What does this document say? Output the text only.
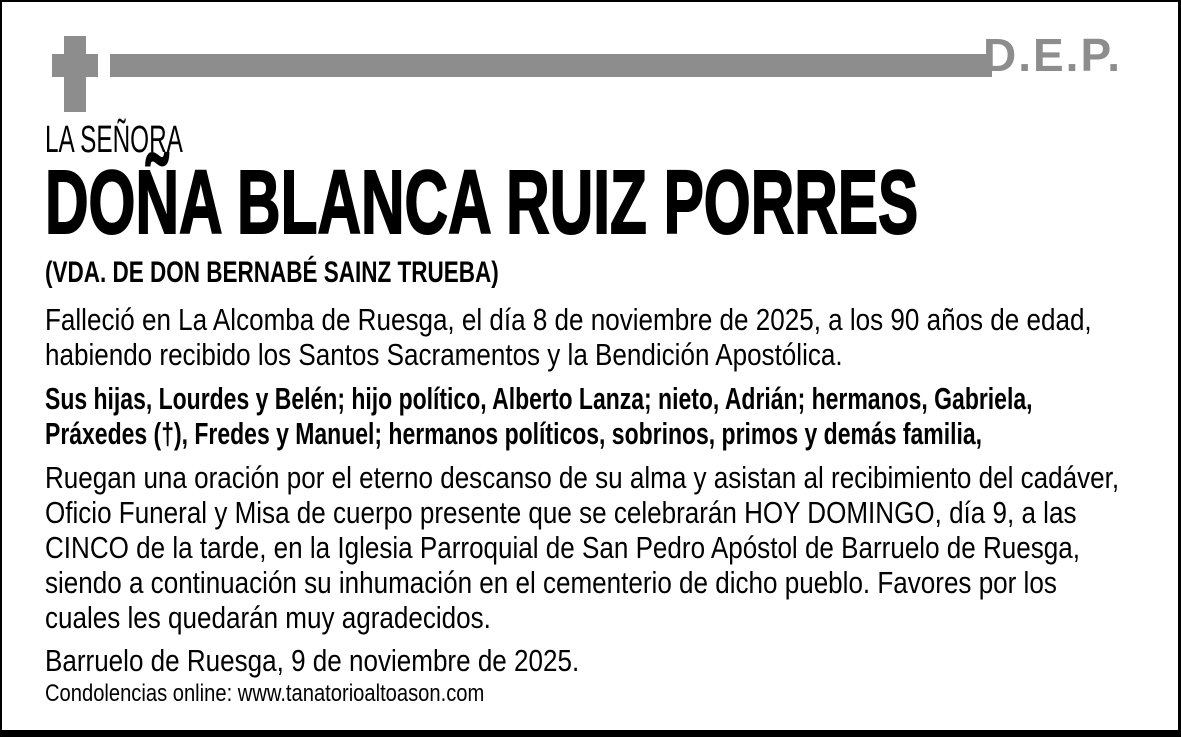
D.E.P.
LA SEÑORA
DOÑA BLANCA RUIZ PORRES
(VDA. DE DON BERNABÉ SAINZ TRUEBA)
Falleció en La Alcomba de Ruesga, el día 8 de noviembre de 2025, a los 90 años de edad, habiendo recibido los Santos Sacramentos y la Bendición Apostólica.
Sus hijas, Lourdes y Belén; hijo político, Alberto Lanza; nieto, Adrián; hermanos, Gabriela, Práxedes (†), Fredes y Manuel; hermanos políticos, sobrinos, primos y demás familia,
Ruegan una oración por el eterno descanso de su alma y asistan al recibimiento del cadáver, Oficio Funeral y Misa de cuerpo presente que se celebrarán HOY DOMINGO, día 9, a las CINCO de la tarde, en la Iglesia Parroquial de San Pedro Apóstol de Barruelo de Ruesga, siendo a continuación su inhumación en el cementerio de dicho pueblo. Favores por los cuales les quedarán muy agradecidos.
Barruelo de Ruesga, 9 de noviembre de 2025.
Condolencias online: www.tanatorioaltoason.com
